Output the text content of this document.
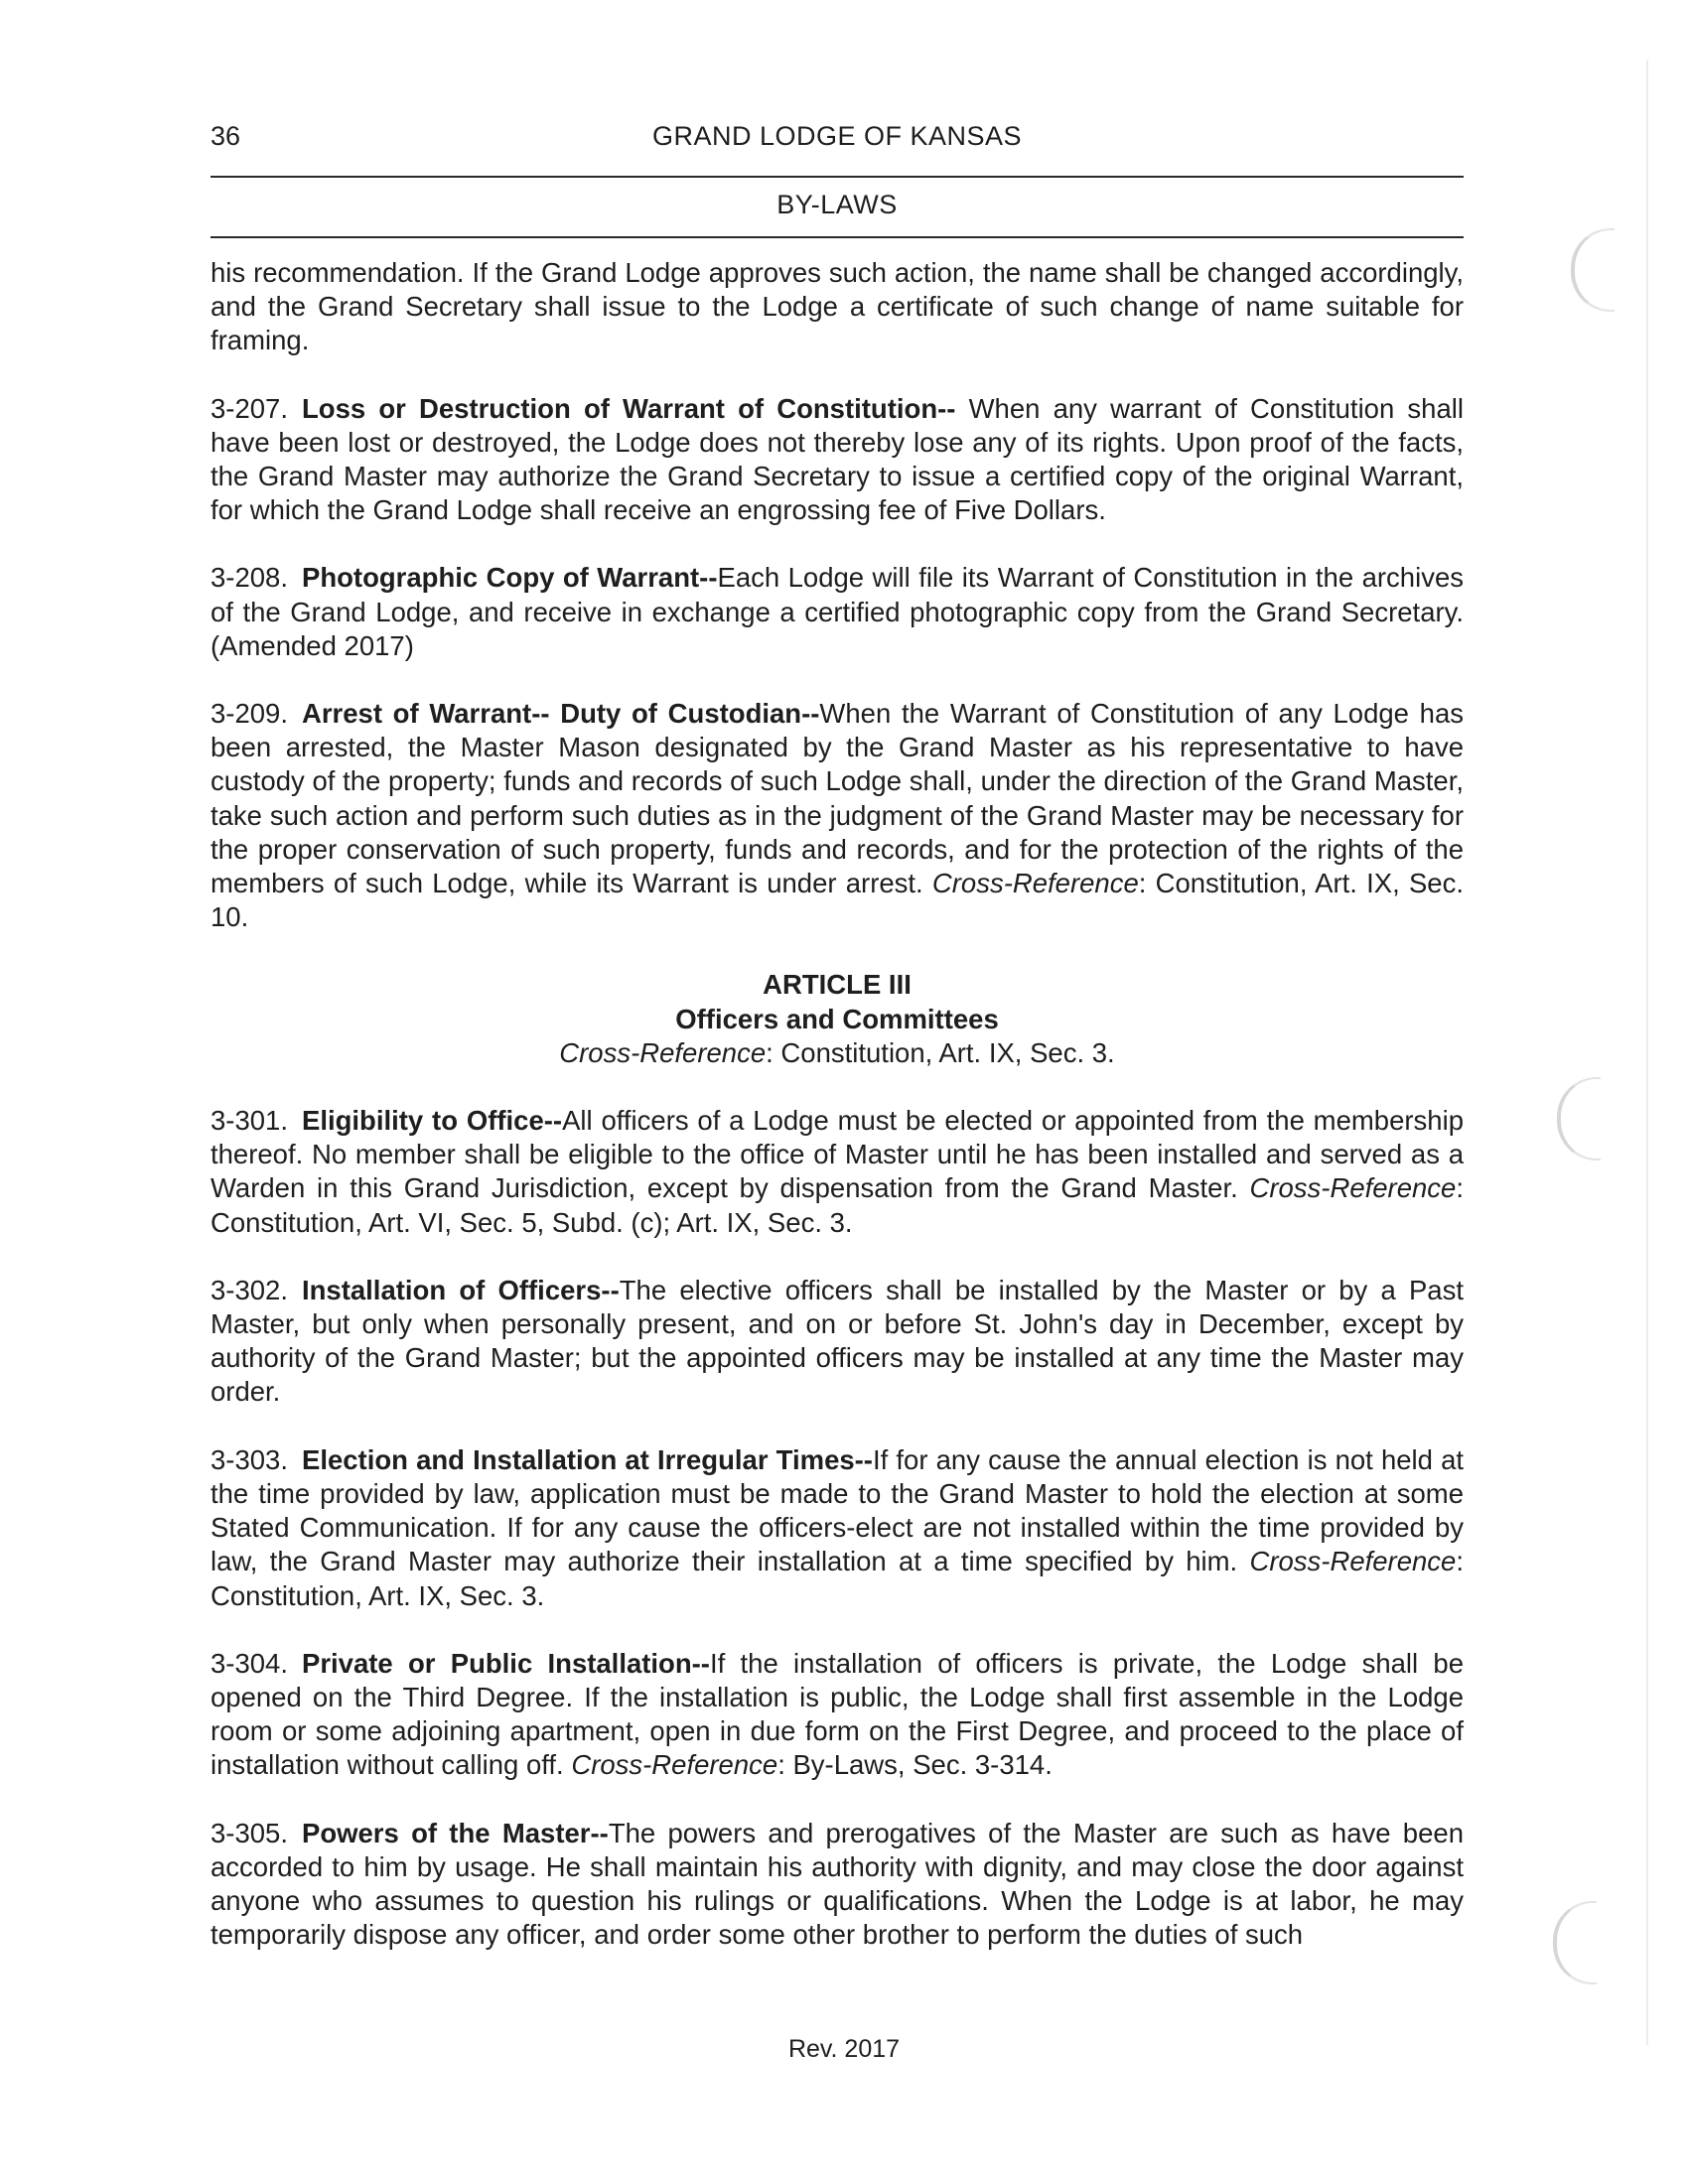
36	GRAND LODGE OF KANSAS
BY-LAWS

his recommendation. If the Grand Lodge approves such action, the name shall be changed accordingly, and the Grand Secretary shall issue to the Lodge a certificate of such change of name suitable for framing.

3-207. Loss or Destruction of Warrant of Constitution-- When any warrant of Constitution shall have been lost or destroyed, the Lodge does not thereby lose any of its rights. Upon proof of the facts, the Grand Master may authorize the Grand Secretary to issue a certified copy of the original Warrant, for which the Grand Lodge shall receive an engrossing fee of Five Dollars.

3-208. Photographic Copy of Warrant--Each Lodge will file its Warrant of Constitution in the archives of the Grand Lodge, and receive in exchange a certified photographic copy from the Grand Secretary. (Amended 2017)

3-209. Arrest of Warrant-- Duty of Custodian--When the Warrant of Constitution of any Lodge has been arrested, the Master Mason designated by the Grand Master as his representative to have custody of the property; funds and records of such Lodge shall, under the direction of the Grand Master, take such action and perform such duties as in the judgment of the Grand Master may be necessary for the proper conservation of such property, funds and records, and for the protection of the rights of the members of such Lodge, while its Warrant is under arrest. Cross-Reference: Constitution, Art. IX, Sec. 10.

ARTICLE III
Officers and Committees
Cross-Reference: Constitution, Art. IX, Sec. 3.

3-301. Eligibility to Office--All officers of a Lodge must be elected or appointed from the membership thereof. No member shall be eligible to the office of Master until he has been installed and served as a Warden in this Grand Jurisdiction, except by dispensation from the Grand Master. Cross-Reference: Constitution, Art. VI, Sec. 5, Subd. (c); Art. IX, Sec. 3.

3-302. Installation of Officers--The elective officers shall be installed by the Master or by a Past Master, but only when personally present, and on or before St. John's day in December, except by authority of the Grand Master; but the appointed officers may be installed at any time the Master may order.

3-303. Election and Installation at Irregular Times--If for any cause the annual election is not held at the time provided by law, application must be made to the Grand Master to hold the election at some Stated Communication. If for any cause the officers-elect are not installed within the time provided by law, the Grand Master may authorize their installation at a time specified by him. Cross-Reference: Constitution, Art. IX, Sec. 3.

3-304. Private or Public Installation--If the installation of officers is private, the Lodge shall be opened on the Third Degree. If the installation is public, the Lodge shall first assemble in the Lodge room or some adjoining apartment, open in due form on the First Degree, and proceed to the place of installation without calling off. Cross-Reference: By-Laws, Sec. 3-314.

3-305. Powers of the Master--The powers and prerogatives of the Master are such as have been accorded to him by usage. He shall maintain his authority with dignity, and may close the door against anyone who assumes to question his rulings or qualifications. When the Lodge is at labor, he may temporarily dispose any officer, and order some other brother to perform the duties of such

Rev. 2017
